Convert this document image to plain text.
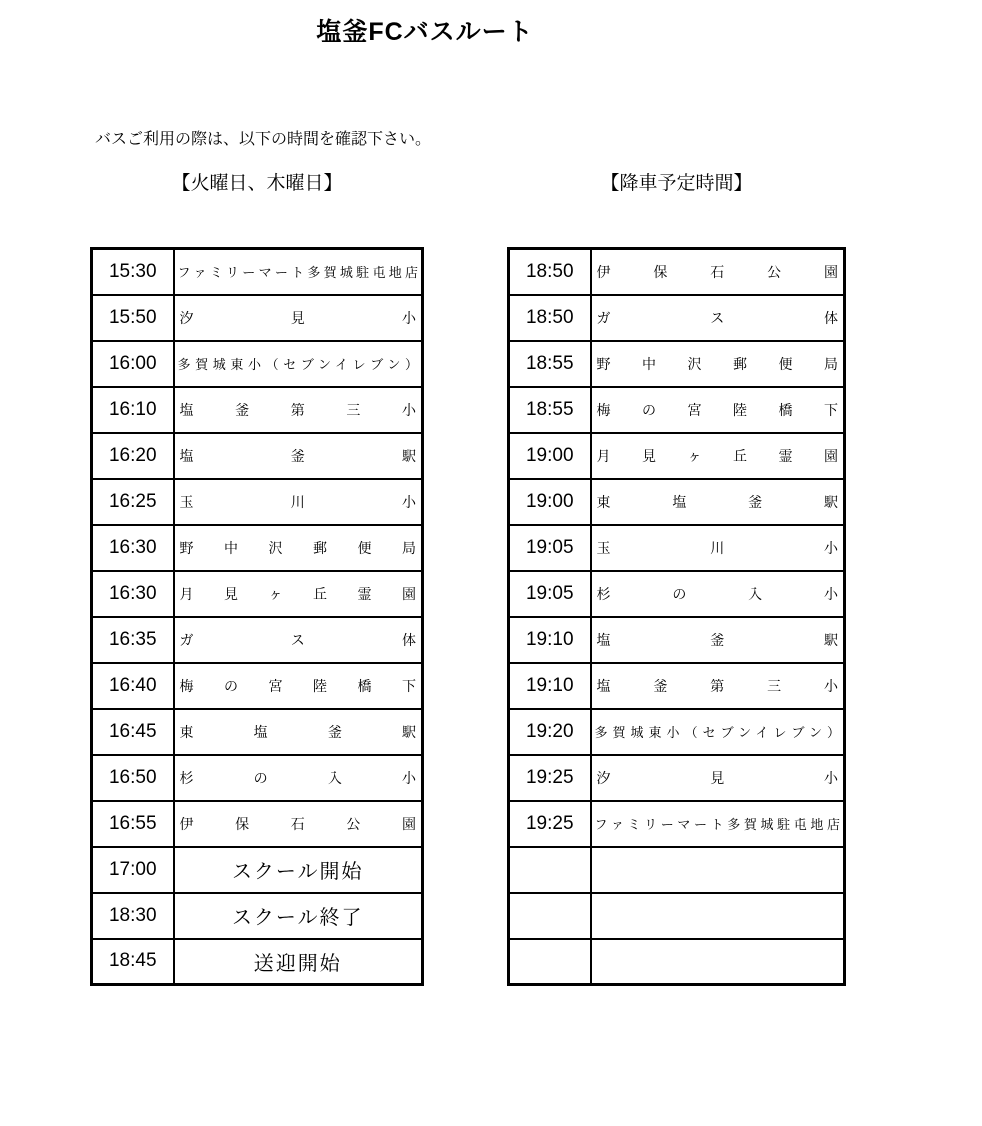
塩釜FCバスルート

バスご利用の際は、以下の時間を確認下さい。

【火曜日、木曜日】
15:30	ファミリーマート多賀城駐屯地店
15:50	汐見小
16:00	多賀城東小（セブンイレブン）
16:10	塩釜第三小
16:20	塩釜駅
16:25	玉川小
16:30	野中沢郵便局
16:30	月見ヶ丘霊園
16:35	ガス体
16:40	梅の宮陸橋下
16:45	東塩釜駅
16:50	杉の入小
16:55	伊保石公園
17:00	スクール開始
18:30	スクール終了
18:45	送迎開始
【降車予定時間】
18:50	伊保石公園
18:50	ガス体
18:55	野中沢郵便局
18:55	梅の宮陸橋下
19:00	月見ヶ丘霊園
19:00	東塩釜駅
19:05	玉川小
19:05	杉の入小
19:10	塩釜駅
19:10	塩釜第三小
19:20	多賀城東小（セブンイレブン）
19:25	汐見小
19:25	ファミリーマート多賀城駐屯地店
